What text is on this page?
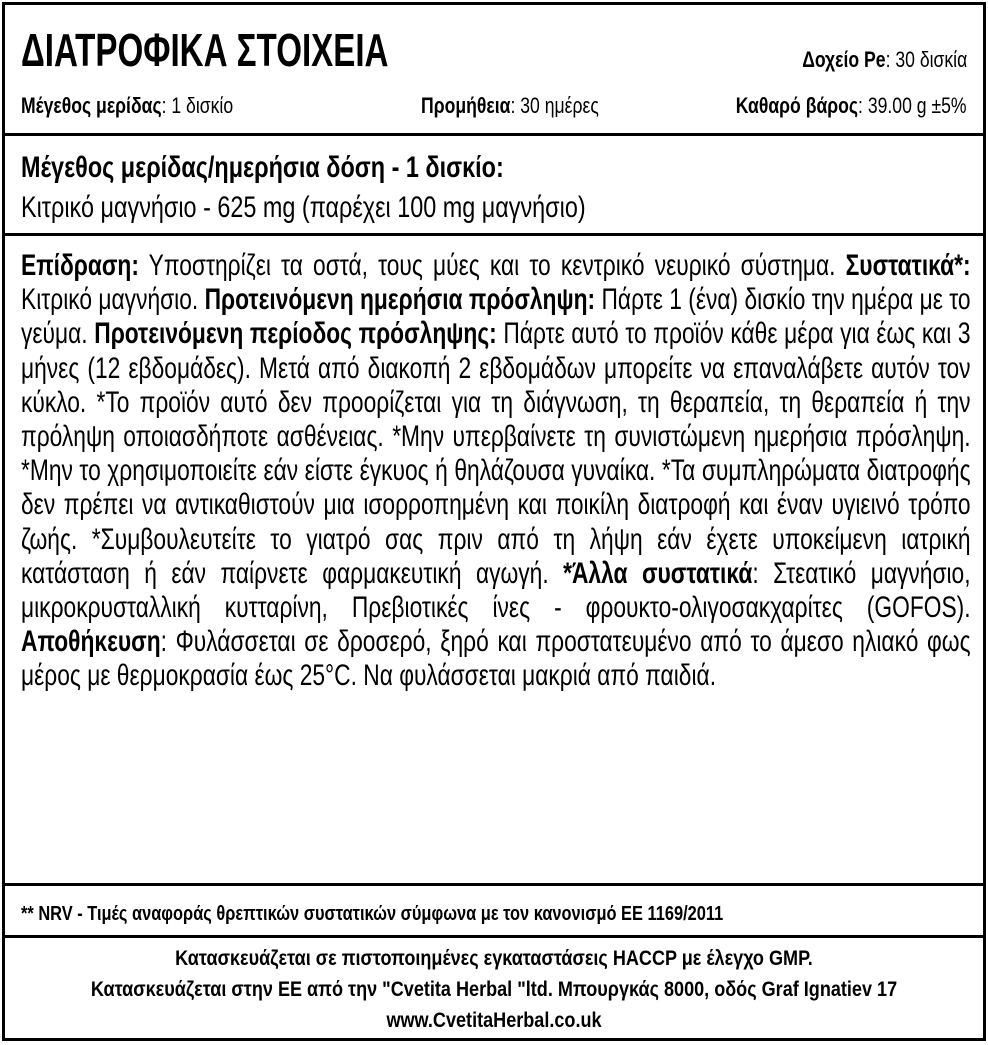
ΔΙΑΤΡΟΦΙΚΑ ΣΤΟΙΧΕΙΑ	Δοχείο Pe: 30 δισκία
Μέγεθος μερίδας: 1 δισκίο	Προμήθεια: 30 ημέρες	Καθαρό βάρος: 39.00 g ±5%
Μέγεθος μερίδας/ημερήσια δόση - 1 δισκίο:
Κιτρικό μαγνήσιο - 625 mg (παρέχει 100 mg μαγνήσιο)
Επίδραση: Υποστηρίζει τα οστά, τους μύες και το κεντρικό νευρικό σύστημα. Συστατικά*: Κιτρικό μαγνήσιο. Προτεινόμενη ημερήσια πρόσληψη: Πάρτε 1 (ένα) δισκίο την ημέρα με το γεύμα. Προτεινόμενη περίοδος πρόσληψης: Πάρτε αυτό το προϊόν κάθε μέρα για έως και 3 μήνες (12 εβδομάδες). Μετά από διακοπή 2 εβδομάδων μπορείτε να επαναλάβετε αυτόν τον κύκλο. *Το προϊόν αυτό δεν προορίζεται για τη διάγνωση, τη θεραπεία, τη θεραπεία ή την πρόληψη οποιασδήποτε ασθένειας. *Μην υπερβαίνετε τη συνιστώμενη ημερήσια πρόσληψη. *Μην το χρησιμοποιείτε εάν είστε έγκυος ή θηλάζουσα γυναίκα. *Τα συμπληρώματα διατροφής δεν πρέπει να αντικαθιστούν μια ισορροπημένη και ποικίλη διατροφή και έναν υγιεινό τρόπο ζωής. *Συμβουλευτείτε το γιατρό σας πριν από τη λήψη εάν έχετε υποκείμενη ιατρική κατάσταση ή εάν παίρνετε φαρμακευτική αγωγή. *Άλλα συστατικά: Στεατικό μαγνήσιο, μικροκρυσταλλική κυτταρίνη, Πρεβιοτικές ίνες - φρουκτο-ολιγοσακχαρίτες (GOFOS). Αποθήκευση: Φυλάσσεται σε δροσερό, ξηρό και προστατευμένο από το άμεσο ηλιακό φως μέρος με θερμοκρασία έως 25°C. Να φυλάσσεται μακριά από παιδιά.
** NRV - Τιμές αναφοράς θρεπτικών συστατικών σύμφωνα με τον κανονισμό ΕΕ 1169/2011
Κατασκευάζεται σε πιστοποιημένες εγκαταστάσεις HACCP με έλεγχο GMP.
Κατασκευάζεται στην ΕΕ από την "Cvetita Herbal "ltd. Μπουργκάς 8000, οδός Graf Ignatiev 17
www.CvetitaHerbal.co.uk
